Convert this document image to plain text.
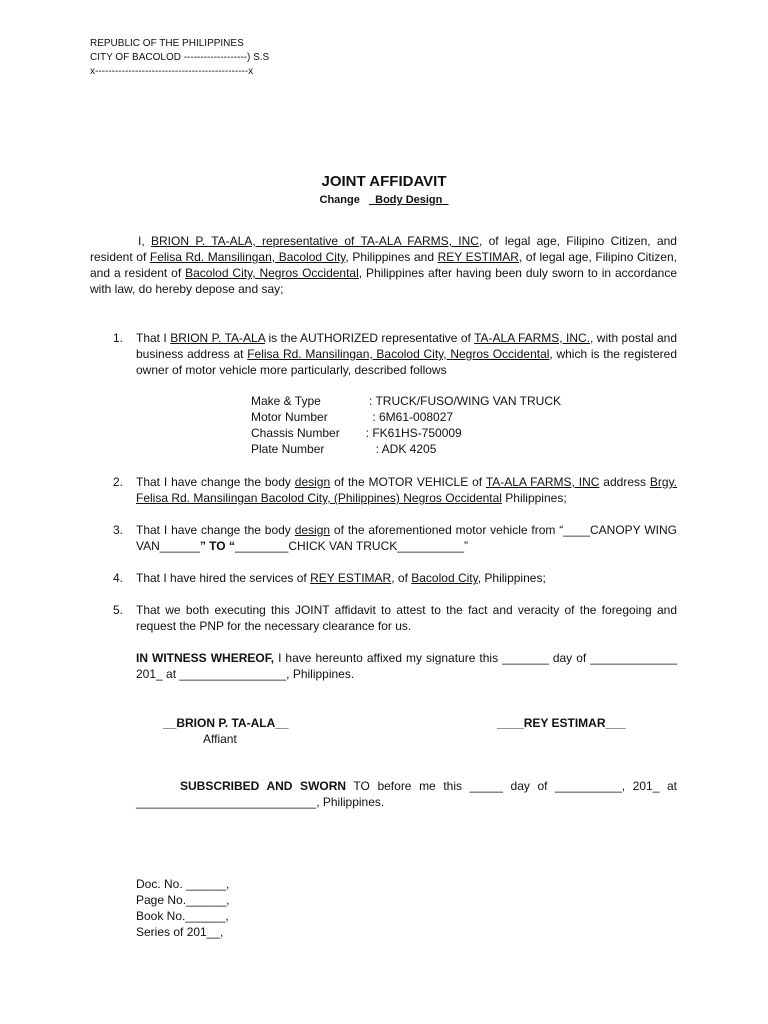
REPUBLIC OF THE PHILIPPINES
CITY OF BACOLOD -------------------) S.S
x----------------------------------------------x
JOINT AFFIDAVIT
Change _Body Design_
I, BRION P. TA-ALA, representative of TA-ALA FARMS, INC, of legal age, Filipino Citizen, and resident of Felisa Rd. Mansilingan, Bacolod City, Philippines and REY ESTIMAR, of legal age, Filipino Citizen, and a resident of Bacolod City, Negros Occidental, Philippines after having been duly sworn to in accordance with law, do hereby depose and say;
1.	That I BRION P. TA-ALA is the AUTHORIZED representative of TA-ALA FARMS, INC., with postal and business address at Felisa Rd. Mansilingan, Bacolod City, Negros Occidental, which is the registered owner of motor vehicle more particularly, described follows
Make & Type	: TRUCK/FUSO/WING VAN TRUCK
Motor Number	: 6M61-008027
Chassis Number	: FK61HS-750009
Plate Number	: ADK 4205
2.	That I have change the body design of the MOTOR VEHICLE of TA-ALA FARMS, INC address Brgy. Felisa Rd. Mansilingan Bacolod City, (Philippines) Negros Occidental Philippines;
3.	That I have change the body design of the aforementioned motor vehicle from “____CANOPY WING VAN______” TO “________CHICK VAN TRUCK__________”
4.	That I have hired the services of REY ESTIMAR, of Bacolod City, Philippines;
5.	That we both executing this JOINT affidavit to attest to the fact and veracity of the foregoing and request the PNP for the necessary clearance for us.
IN WITNESS WHEREOF, I have hereunto affixed my signature this _______ day of _____________ 201_ at ________________, Philippines.
__BRION P. TA-ALA__
Affiant
____REY ESTIMAR___
SUBSCRIBED AND SWORN TO before me this _____ day of __________, 201_ at ___________________________, Philippines.
Doc. No. ______,
Page No.______,
Book No.______,
Series of 201__,
